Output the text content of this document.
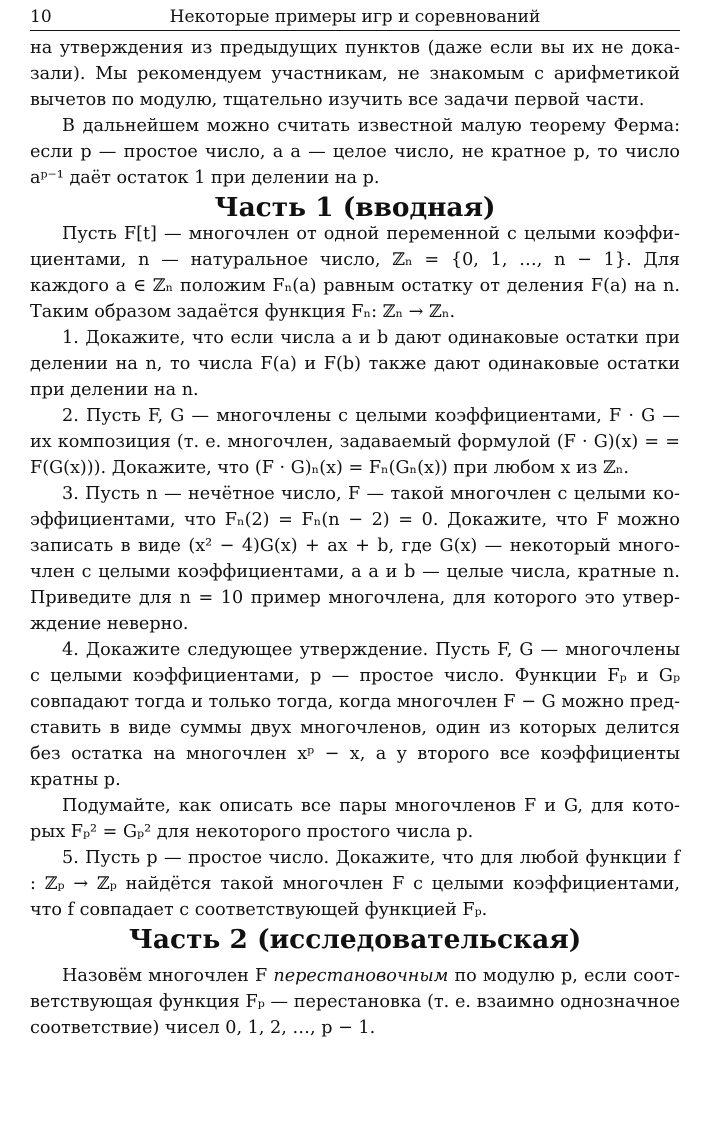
10	Некоторые примеры игр и соревнований

на утверждения из предыдущих пунктов (даже если вы их не доказали). Мы рекомендуем участникам, не знакомым с арифметикой вычетов по модулю, тщательно изучить все задачи первой части.

В дальнейшем можно считать известной малую теорему Ферма: если p — простое число, а a — целое число, не кратное p, то число aᵖ⁻¹ даёт остаток 1 при делении на p.

Часть 1 (вводная)

Пусть F[t] — многочлен от одной переменной с целыми коэффициентами, n — натуральное число, ℤₙ = {0, 1, …, n − 1}. Для каждого a ∈ ℤₙ положим Fₙ(a) равным остатку от деления F(a) на n. Таким образом задаётся функция Fₙ: ℤₙ → ℤₙ.

1. Докажите, что если числа a и b дают одинаковые остатки при делении на n, то числа F(a) и F(b) также дают одинаковые остатки при делении на n.

2. Пусть F, G — многочлены с целыми коэффициентами, F · G — их композиция (т. е. многочлен, задаваемый формулой (F · G)(x) = = F(G(x))). Докажите, что (F · G)ₙ(x) = Fₙ(Gₙ(x)) при любом x из ℤₙ.

3. Пусть n — нечётное число, F — такой многочлен с целыми коэффициентами, что Fₙ(2) = Fₙ(n − 2) = 0. Докажите, что F можно записать в виде (x² − 4)G(x) + ax + b, где G(x) — некоторый многочлен с целыми коэффициентами, а a и b — целые числа, кратные n. Приведите для n = 10 пример многочлена, для которого это утверждение неверно.

4. Докажите следующее утверждение. Пусть F, G — многочлены с целыми коэффициентами, p — простое число. Функции Fₚ и Gₚ совпадают тогда и только тогда, когда многочлен F − G можно представить в виде суммы двух многочленов, один из которых делится без остатка на многочлен xᵖ − x, а у второго все коэффициенты кратны p.

Подумайте, как описать все пары многочленов F и G, для которых Fₚ² = Gₚ² для некоторого простого числа p.

5. Пусть p — простое число. Докажите, что для любой функции f : ℤₚ → ℤₚ найдётся такой многочлен F с целыми коэффициентами, что f совпадает с соответствующей функцией Fₚ.

Часть 2 (исследовательская)

Назовём многочлен F перестановочным по модулю p, если соответствующая функция Fₚ — перестановка (т. е. взаимно однозначное соответствие) чисел 0, 1, 2, …, p − 1.
